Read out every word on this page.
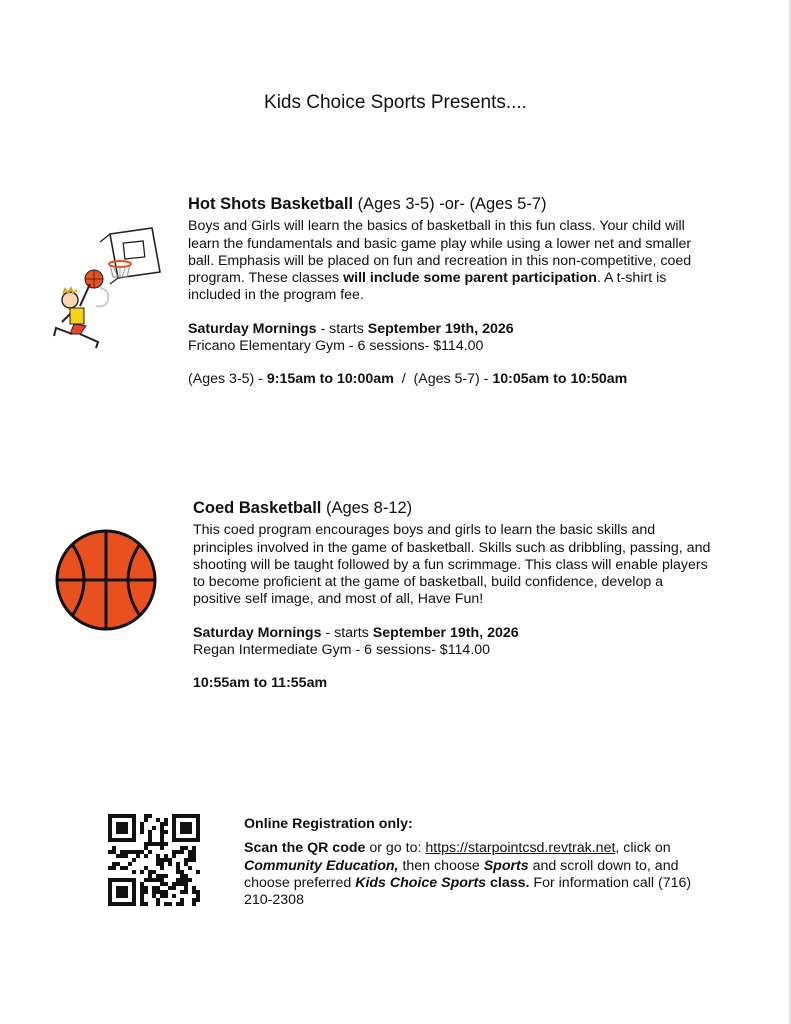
Kids Choice Sports Presents....
Hot Shots Basketball (Ages 3-5) -or- (Ages 5-7)

Boys and Girls will learn the basics of basketball in this fun class. Your child will learn the fundamentals and basic game play while using a lower net and smaller ball. Emphasis will be placed on fun and recreation in this non-competitive, coed program. These classes will include some parent participation. A t-shirt is included in the program fee.

Saturday Mornings - starts September 19th, 2026

Fricano Elementary Gym - 6 sessions- $114.00

(Ages 3-5) - 9:15am to 10:00am  /  (Ages 5-7) - 10:05am to 10:50am

Coed Basketball (Ages 8-12)

This coed program encourages boys and girls to learn the basic skills and principles involved in the game of basketball. Skills such as dribbling, passing, and shooting will be taught followed by a fun scrimmage. This class will enable players to become proficient at the game of basketball, build confidence, develop a positive self image, and most of all, Have Fun!

Saturday Mornings - starts September 19th, 2026

Regan Intermediate Gym - 6 sessions- $114.00

10:55am to 11:55am

Online Registration only:

Scan the QR code or go to: https://starpointcsd.revtrak.net, click on Community Education, then choose Sports and scroll down to, and choose preferred Kids Choice Sports class. For information call (716) 210-2308
